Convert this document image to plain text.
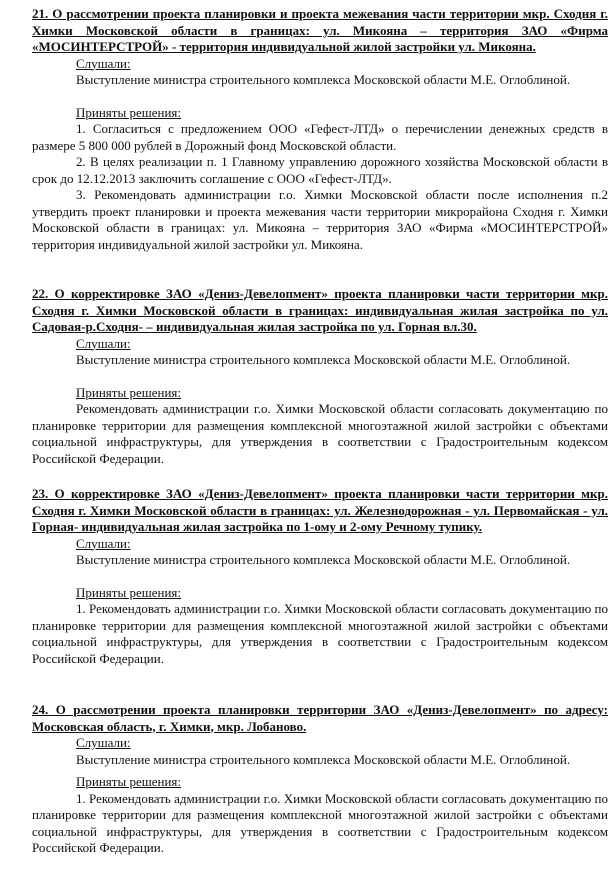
21. О рассмотрении проекта планировки и проекта межевания части территории мкр. Сходня г. Химки Московской области в границах: ул. Микояна – территория ЗАО «Фирма «МОСИНТЕРСТРОЙ» - территория индивидуальной жилой застройки ул. Микояна.

Слушали:

Выступление министра строительного комплекса Московской области М.Е. Оглоблиной.

Приняты решения:

1. Согласиться с предложением ООО «Гефест-ЛТД» о перечислении денежных средств в размере 5 800 000 рублей в Дорожный фонд Московской области.

2. В целях реализации п. 1 Главному управлению дорожного хозяйства Московской области в срок до 12.12.2013 заключить соглашение с ООО «Гефест-ЛТД».

3. Рекомендовать администрации г.о. Химки Московской области после исполнения п.2 утвердить проект планировки и проекта межевания части территории микрорайона Сходня г. Химки Московской области в границах: ул. Микояна – территория ЗАО «Фирма «МОСИНТЕРСТРОЙ» территория индивидуальной жилой застройки ул. Микояна.

22. О корректировке ЗАО «Дениз-Девелопмент» проекта планировки части территории мкр. Сходня г. Химки Московской области в границах: индивидуальная жилая застройка по ул. Садовая-р.Сходня- – индивидуальная жилая застройка по ул. Горная вл.30.

Слушали:

Выступление министра строительного комплекса Московской области М.Е. Оглоблиной.

Приняты решения:

Рекомендовать администрации г.о. Химки Московской области согласовать документацию по планировке территории для размещения комплексной многоэтажной жилой застройки с объектами социальной инфраструктуры, для утверждения в соответствии с Градостроительным кодексом Российской Федерации.

23. О корректировке ЗАО «Дениз-Девелопмент» проекта планировки части территории мкр. Сходня г. Химки Московской области в границах: ул. Железнодорожная - ул. Первомайская - ул. Горная- индивидуальная жилая застройка по 1-ому и 2-ому Речному тупику.

Слушали:

Выступление министра строительного комплекса Московской области М.Е. Оглоблиной.

Приняты решения:

1. Рекомендовать администрации г.о. Химки Московской области согласовать документацию по планировке территории для размещения комплексной многоэтажной жилой застройки с объектами социальной инфраструктуры, для утверждения в соответствии с Градостроительным кодексом Российской Федерации.

24. О рассмотрении проекта планировки территории ЗАО «Дениз-Девелопмент» по адресу: Московская область, г. Химки, мкр. Лобаново.

Слушали:

Выступление министра строительного комплекса Московской области М.Е. Оглоблиной.

Приняты решения:

1. Рекомендовать администрации г.о. Химки Московской области согласовать документацию по планировке территории для размещения комплексной многоэтажной жилой застройки с объектами социальной инфраструктуры, для утверждения в соответствии с Градостроительным кодексом Российской Федерации.
